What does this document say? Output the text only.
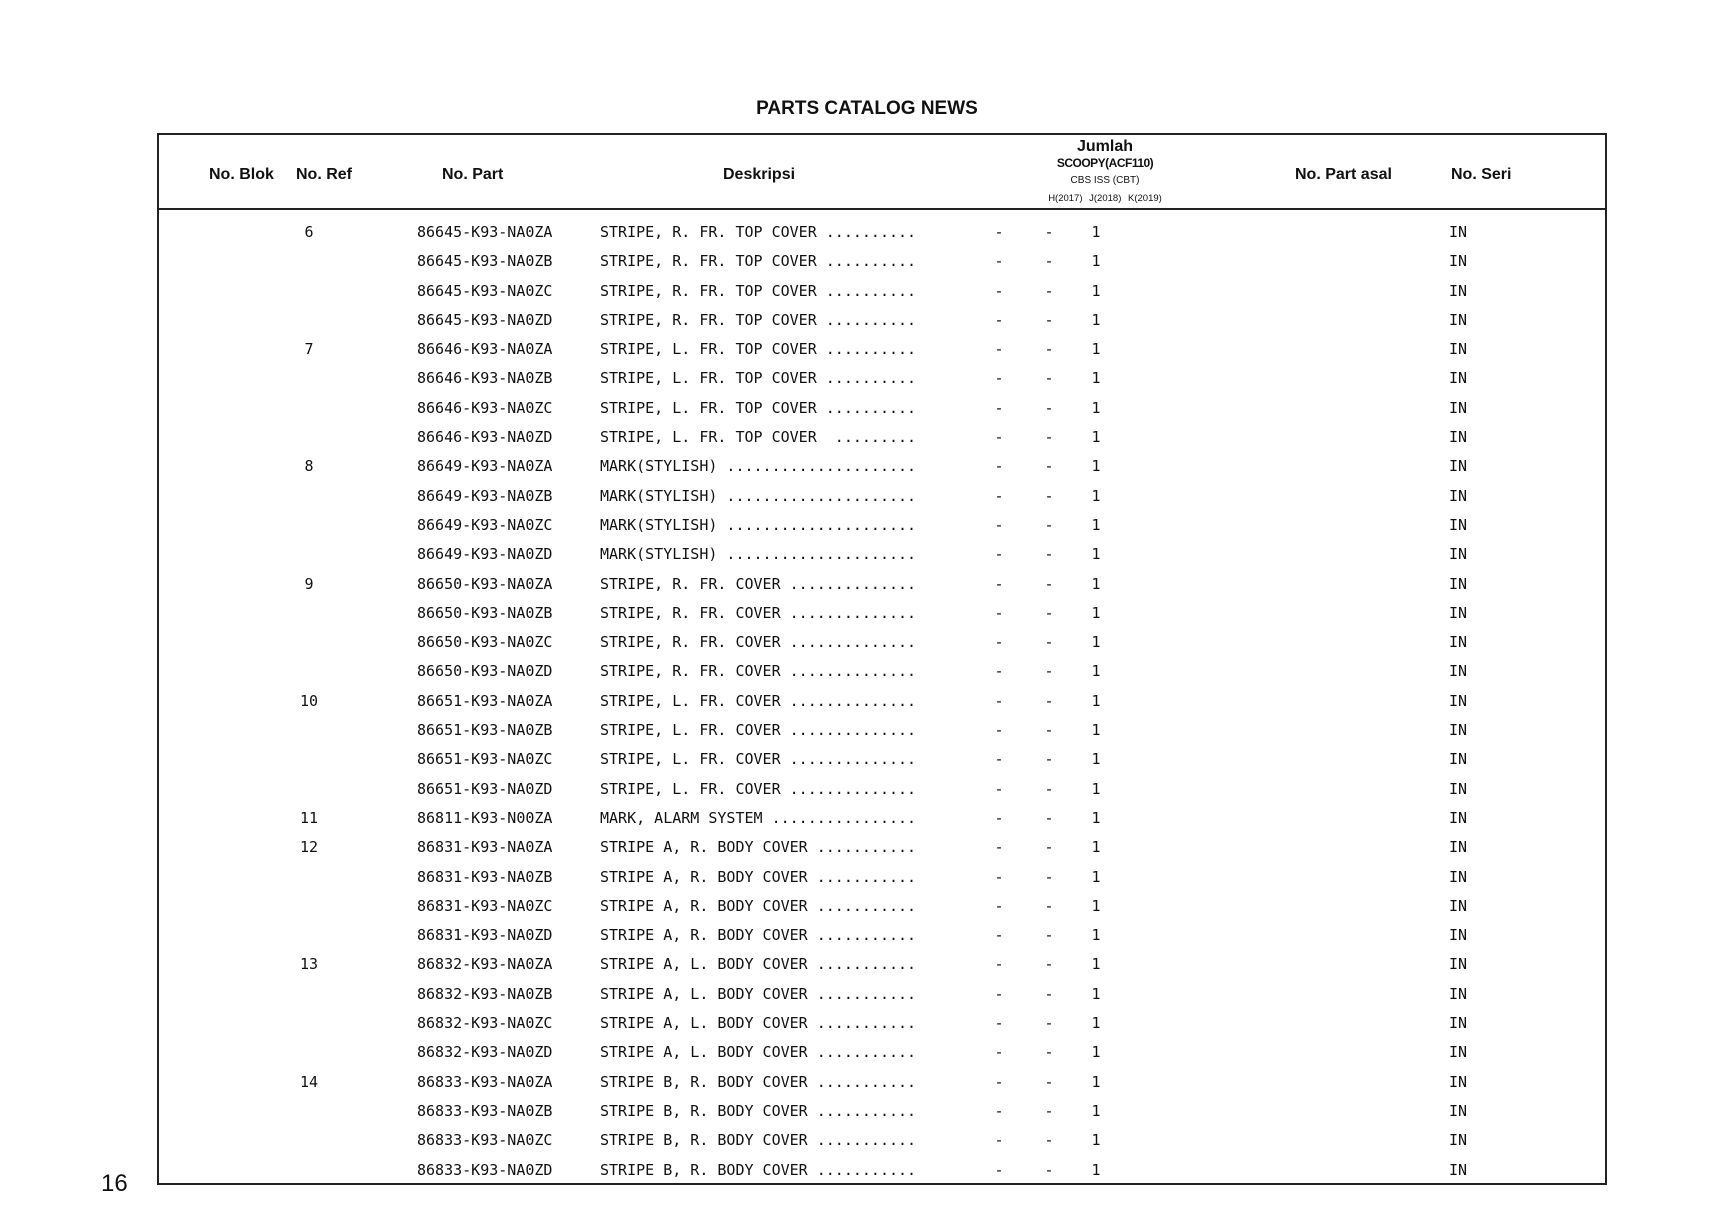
PARTS CATALOG NEWS
No. Blok No. Ref	No. Part	Deskripsi
Jumlah
SCOOPY(ACF110)
CBS ISS (CBT)
H(2017) J(2018) K(2019)
No. Part asal	No. Seri
6	86645-K93-NA0ZA	STRIPE, R. FR. TOP COVER ..........	-	-	1	IN
86645-K93-NA0ZB	STRIPE, R. FR. TOP COVER ..........	-	-	1	IN
86645-K93-NA0ZC	STRIPE, R. FR. TOP COVER ..........	-	-	1	IN
86645-K93-NA0ZD	STRIPE, R. FR. TOP COVER ..........	-	-	1	IN
7	86646-K93-NA0ZA	STRIPE, L. FR. TOP COVER ..........	-	-	1	IN
86646-K93-NA0ZB	STRIPE, L. FR. TOP COVER ..........	-	-	1	IN
86646-K93-NA0ZC	STRIPE, L. FR. TOP COVER ..........	-	-	1	IN
86646-K93-NA0ZD	STRIPE, L. FR. TOP COVER  .........	-	-	1	IN
8	86649-K93-NA0ZA	MARK(STYLISH) .....................	-	-	1	IN
86649-K93-NA0ZB	MARK(STYLISH) .....................	-	-	1	IN
86649-K93-NA0ZC	MARK(STYLISH) .....................	-	-	1	IN
86649-K93-NA0ZD	MARK(STYLISH) .....................	-	-	1	IN
9	86650-K93-NA0ZA	STRIPE, R. FR. COVER ..............	-	-	1	IN
86650-K93-NA0ZB	STRIPE, R. FR. COVER ..............	-	-	1	IN
86650-K93-NA0ZC	STRIPE, R. FR. COVER ..............	-	-	1	IN
86650-K93-NA0ZD	STRIPE, R. FR. COVER ..............	-	-	1	IN
10	86651-K93-NA0ZA	STRIPE, L. FR. COVER ..............	-	-	1	IN
86651-K93-NA0ZB	STRIPE, L. FR. COVER ..............	-	-	1	IN
86651-K93-NA0ZC	STRIPE, L. FR. COVER ..............	-	-	1	IN
86651-K93-NA0ZD	STRIPE, L. FR. COVER ..............	-	-	1	IN
11	86811-K93-N00ZA	MARK, ALARM SYSTEM ................	-	-	1	IN
12	86831-K93-NA0ZA	STRIPE A, R. BODY COVER ...........	-	-	1	IN
86831-K93-NA0ZB	STRIPE A, R. BODY COVER ...........	-	-	1	IN
86831-K93-NA0ZC	STRIPE A, R. BODY COVER ...........	-	-	1	IN
86831-K93-NA0ZD	STRIPE A, R. BODY COVER ...........	-	-	1	IN
13	86832-K93-NA0ZA	STRIPE A, L. BODY COVER ...........	-	-	1	IN
86832-K93-NA0ZB	STRIPE A, L. BODY COVER ...........	-	-	1	IN
86832-K93-NA0ZC	STRIPE A, L. BODY COVER ...........	-	-	1	IN
86832-K93-NA0ZD	STRIPE A, L. BODY COVER ...........	-	-	1	IN
14	86833-K93-NA0ZA	STRIPE B, R. BODY COVER ...........	-	-	1	IN
86833-K93-NA0ZB	STRIPE B, R. BODY COVER ...........	-	-	1	IN
86833-K93-NA0ZC	STRIPE B, R. BODY COVER ...........	-	-	1	IN
86833-K93-NA0ZD	STRIPE B, R. BODY COVER ...........	-	-	1	IN
16
